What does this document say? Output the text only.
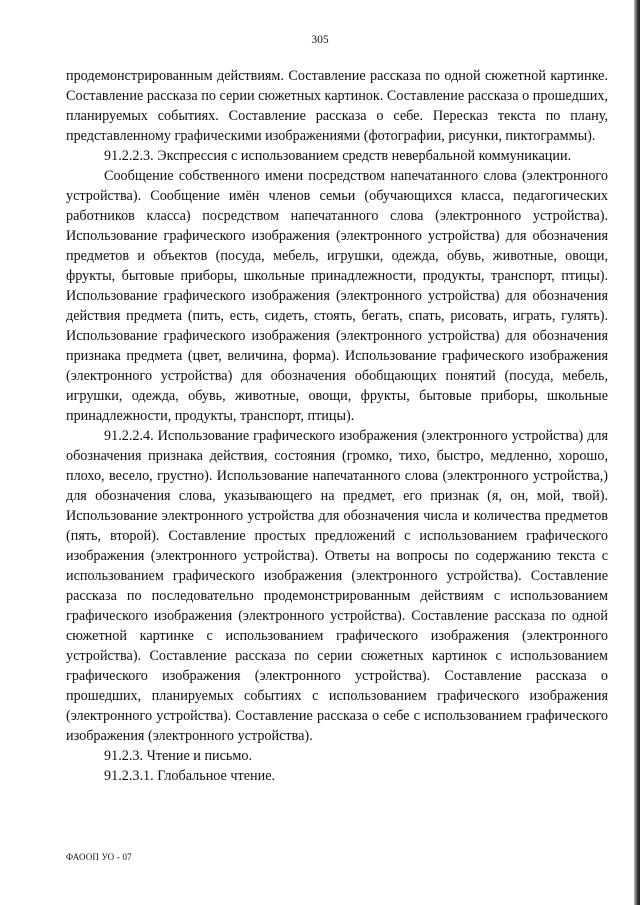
305

продемонстрированным действиям. Составление рассказа по одной сюжетной картинке. Составление рассказа по серии сюжетных картинок. Составление рассказа о прошедших, планируемых событиях. Составление рассказа о себе. Пересказ текста по плану, представленному графическими изображениями (фотографии, рисунки, пиктограммы).

91.2.2.3. Экспрессия с использованием средств невербальной коммуникации.

Сообщение собственного имени посредством напечатанного слова (электронного устройства). Сообщение имён членов семьи (обучающихся класса, педагогических работников класса) посредством напечатанного слова (электронного устройства). Использование графического изображения (электронного устройства) для обозначения предметов и объектов (посуда, мебель, игрушки, одежда, обувь, животные, овощи, фрукты, бытовые приборы, школьные принадлежности, продукты, транспорт, птицы). Использование графического изображения (электронного устройства) для обозначения действия предмета (пить, есть, сидеть, стоять, бегать, спать, рисовать, играть, гулять). Использование графического изображения (электронного устройства) для обозначения признака предмета (цвет, величина, форма). Использование графического изображения (электронного устройства) для обозначения обобщающих понятий (посуда, мебель, игрушки, одежда, обувь, животные, овощи, фрукты, бытовые приборы, школьные принадлежности, продукты, транспорт, птицы).

91.2.2.4. Использование графического изображения (электронного устройства) для обозначения признака действия, состояния (громко, тихо, быстро, медленно, хорошо, плохо, весело, грустно). Использование напечатанного слова (электронного устройства,) для обозначения слова, указывающего на предмет, его признак (я, он, мой, твой). Использование электронного устройства для обозначения числа и количества предметов (пять, второй). Составление простых предложений с использованием графического изображения (электронного устройства). Ответы на вопросы по содержанию текста с использованием графического изображения (электронного устройства). Составление рассказа по последовательно продемонстрированным действиям с использованием графического изображения (электронного устройства). Составление рассказа по одной сюжетной картинке с использованием графического изображения (электронного устройства). Составление рассказа по серии сюжетных картинок с использованием графического изображения (электронного устройства). Составление рассказа о прошедших, планируемых событиях с использованием графического изображения (электронного устройства). Составление рассказа о себе с использованием графического изображения (электронного устройства).

91.2.3. Чтение и письмо.

91.2.3.1. Глобальное чтение.

ФАООП УО - 07
